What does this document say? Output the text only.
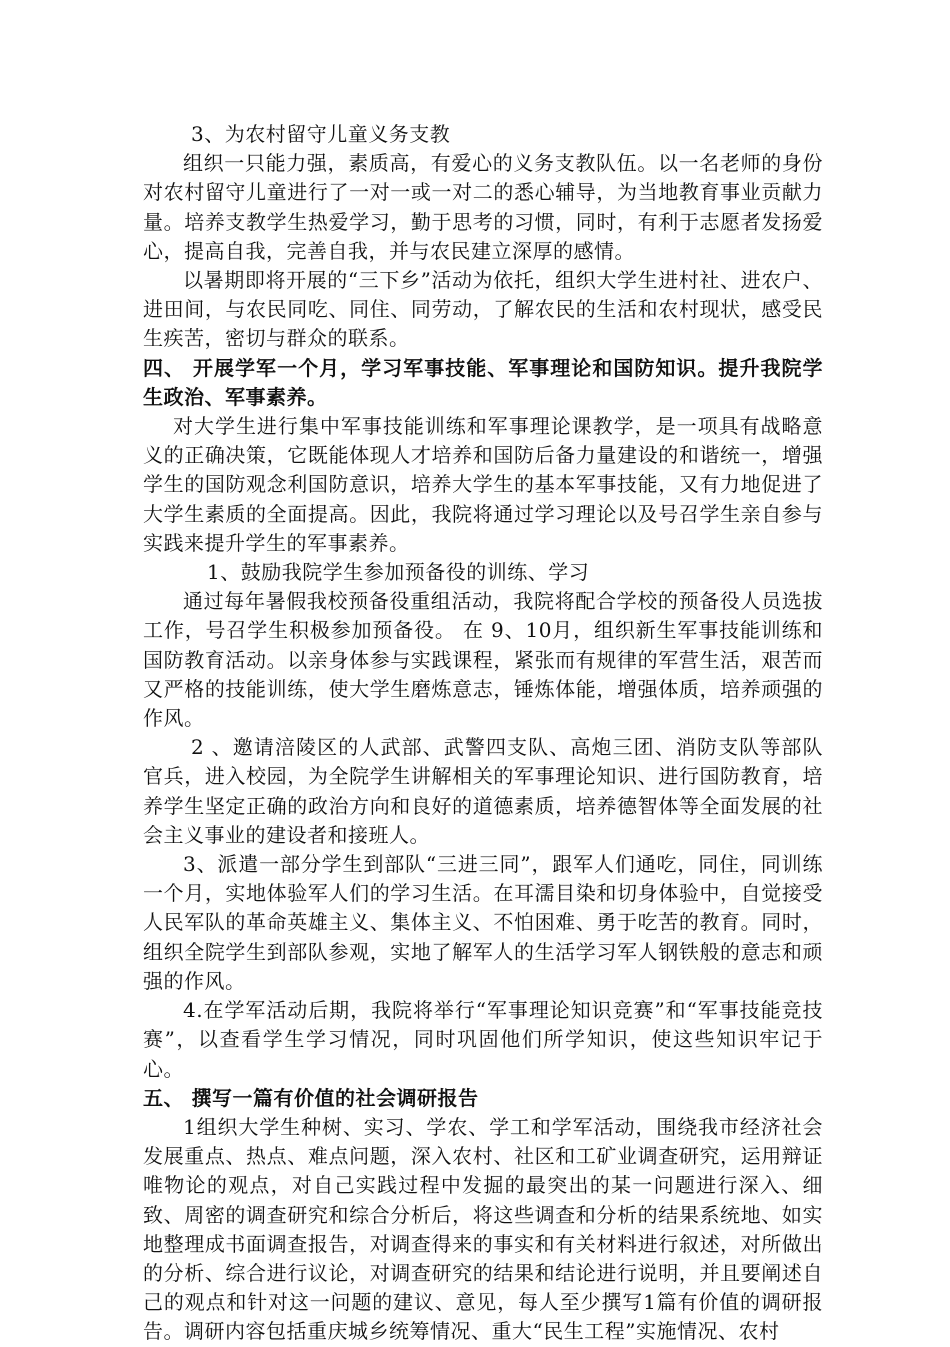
3、为农村留守儿童义务支教

组织一只能力强，素质高，有爱心的义务支教队伍。以一名老师的身份对农村留守儿童进行了一对一或一对二的悉心辅导，为当地教育事业贡献力量。培养支教学生热爱学习，勤于思考的习惯，同时，有利于志愿者发扬爱心，提高自我，完善自我，并与农民建立深厚的感情。

以暑期即将开展的“三下乡”活动为依托，组织大学生进村社、进农户、进田间，与农民同吃、同住、同劳动，了解农民的生活和农村现状，感受民生疾苦，密切与群众的联系。

四、 开展学军一个月，学习军事技能、军事理论和国防知识。提升我院学生政治、军事素养。

对大学生进行集中军事技能训练和军事理论课教学，是一项具有战略意义的正确决策，它既能体现人才培养和国防后备力量建设的和谐统一，增强学生的国防观念利国防意识，培养大学生的基本军事技能，又有力地促进了大学生素质的全面提高。因此，我院将通过学习理论以及号召学生亲自参与实践来提升学生的军事素养。

1、鼓励我院学生参加预备役的训练、学习

通过每年暑假我校预备役重组活动，我院将配合学校的预备役人员选拔工作，号召学生积极参加预备役。 在 9、10月，组织新生军事技能训练和国防教育活动。以亲身体参与实践课程，紧张而有规律的军营生活，艰苦而又严格的技能训练，使大学生磨炼意志，锤炼体能，增强体质，培养顽强的作风。

2 、邀请涪陵区的人武部、武警四支队、高炮三团、消防支队等部队官兵，进入校园，为全院学生讲解相关的军事理论知识、进行国防教育，培养学生坚定正确的政治方向和良好的道德素质，培养德智体等全面发展的社会主义事业的建设者和接班人。

3、派遣一部分学生到部队“三进三同”，跟军人们通吃，同住，同训练一个月，实地体验军人们的学习生活。在耳濡目染和切身体验中，自觉接受人民军队的革命英雄主义、集体主义、不怕困难、勇于吃苦的教育。同时，组织全院学生到部队参观，实地了解军人的生活学习军人钢铁般的意志和顽强的作风。

4.在学军活动后期，我院将举行“军事理论知识竞赛”和“军事技能竞技赛”，以查看学生学习情况，同时巩固他们所学知识，使这些知识牢记于心。

五、 撰写一篇有价值的社会调研报告

1组织大学生种树、实习、学农、学工和学军活动，围绕我市经济社会发展重点、热点、难点问题，深入农村、社区和工矿业调查研究，运用辩证唯物论的观点，对自己实践过程中发掘的最突出的某一问题进行深入、细致、周密的调查研究和综合分析后，将这些调查和分析的结果系统地、如实地整理成书面调查报告，对调查得来的事实和有关材料进行叙述，对所做出的分析、综合进行议论，对调查研究的结果和结论进行说明，并且要阐述自己的观点和针对这一问题的建议、意见，每人至少撰写1篇有价值的调研报告。调研内容包括重庆城乡统筹情况、重大“民生工程”实施情况、农村
